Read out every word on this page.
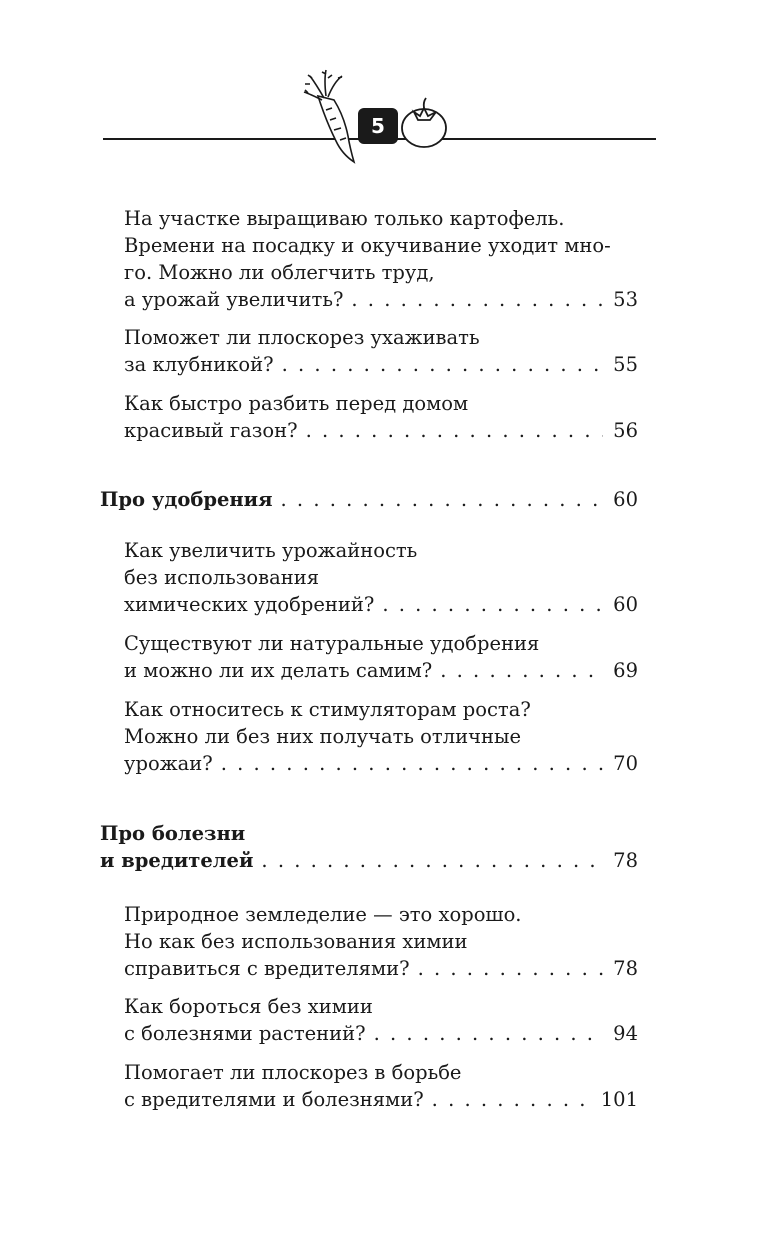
5
На участке выращиваю только картофель.
Времени на посадку и окучивание уходит мно-
го. Можно ли облегчить труд,
а урожай увеличить? . . .	53
Поможет ли плоскорез ухаживать
за клубникой? . . .	55
Как быстро разбить перед домом
красивый газон? . . .	56
Про удобрения . . .	60
Как увеличить урожайность
без использования
химических удобрений? . . .	60
Существуют ли натуральные удобрения
и можно ли их делать самим? . . .	69
Как относитесь к стимуляторам роста?
Можно ли без них получать отличные
урожаи? . . .	70
Про болезни
и вредителей . . .	78
Природное земледелие — это хорошо.
Но как без использования химии
справиться с вредителями? . . .	78
Как бороться без химии
с болезнями растений? . . .	94
Помогает ли плоскорез в борьбе
с вредителями и болезнями? . . .	101
